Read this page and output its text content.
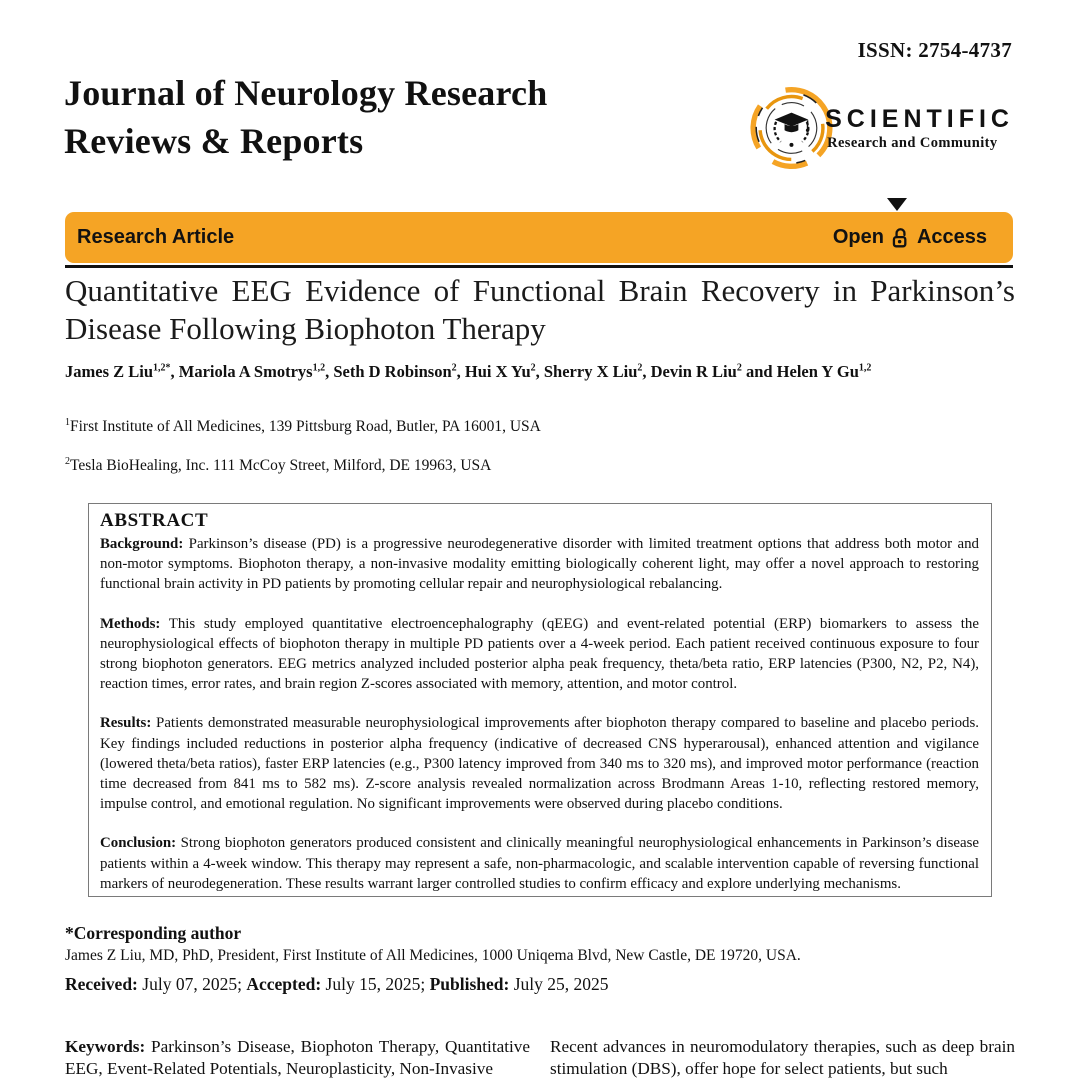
ISSN: 2754-4737
Journal of Neurology Research
Reviews & Reports
SCIENTIFIC
Research and Community
Research Article	Open Access
Quantitative EEG Evidence of Functional Brain Recovery in Parkinson’s Disease Following Biophoton Therapy
James Z Liu$^{1,2*}$, Mariola A Smotrys$^{1,2}$, Seth D Robinson$^2$, Hui X Yu$^2$, Sherry X Liu$^2$, Devin R Liu$^2$ and Helen Y Gu$^{1,2}$
$^1$First Institute of All Medicines, 139 Pittsburg Road, Butler, PA 16001, USA
$^2$Tesla BioHealing, Inc. 111 McCoy Street, Milford, DE 19963, USA
ABSTRACT
Background: Parkinson’s disease (PD) is a progressive neurodegenerative disorder with limited treatment options that address both motor and non-motor symptoms. Biophoton therapy, a non-invasive modality emitting biologically coherent light, may offer a novel approach to restoring functional brain activity in PD patients by promoting cellular repair and neurophysiological rebalancing.
Methods: This study employed quantitative electroencephalography (qEEG) and event-related potential (ERP) biomarkers to assess the neurophysiological effects of biophoton therapy in multiple PD patients over a 4-week period. Each patient received continuous exposure to four strong biophoton generators. EEG metrics analyzed included posterior alpha peak frequency, theta/beta ratio, ERP latencies (P300, N2, P2, N4), reaction times, error rates, and brain region Z-scores associated with memory, attention, and motor control.
Results: Patients demonstrated measurable neurophysiological improvements after biophoton therapy compared to baseline and placebo periods. Key findings included reductions in posterior alpha frequency (indicative of decreased CNS hyperarousal), enhanced attention and vigilance (lowered theta/beta ratios), faster ERP latencies (e.g., P300 latency improved from 340 ms to 320 ms), and improved motor performance (reaction time decreased from 841 ms to 582 ms). Z-score analysis revealed normalization across Brodmann Areas 1-10, reflecting restored memory, impulse control, and emotional regulation. No significant improvements were observed during placebo conditions.
Conclusion: Strong biophoton generators produced consistent and clinically meaningful neurophysiological enhancements in Parkinson’s disease patients within a 4-week window. This therapy may represent a safe, non-pharmacologic, and scalable intervention capable of reversing functional markers of neurodegeneration. These results warrant larger controlled studies to confirm efficacy and explore underlying mechanisms.
*Corresponding author
James Z Liu, MD, PhD, President, First Institute of All Medicines, 1000 Uniqema Blvd, New Castle, DE 19720, USA.
Received: July 07, 2025; Accepted: July 15, 2025; Published: July 25, 2025
Keywords: Parkinson’s Disease, Biophoton Therapy, Quantitative EEG, Event-Related Potentials, Neuroplasticity, Non-Invasive
Recent advances in neuromodulatory therapies, such as deep brain stimulation (DBS), offer hope for select patients, but such
